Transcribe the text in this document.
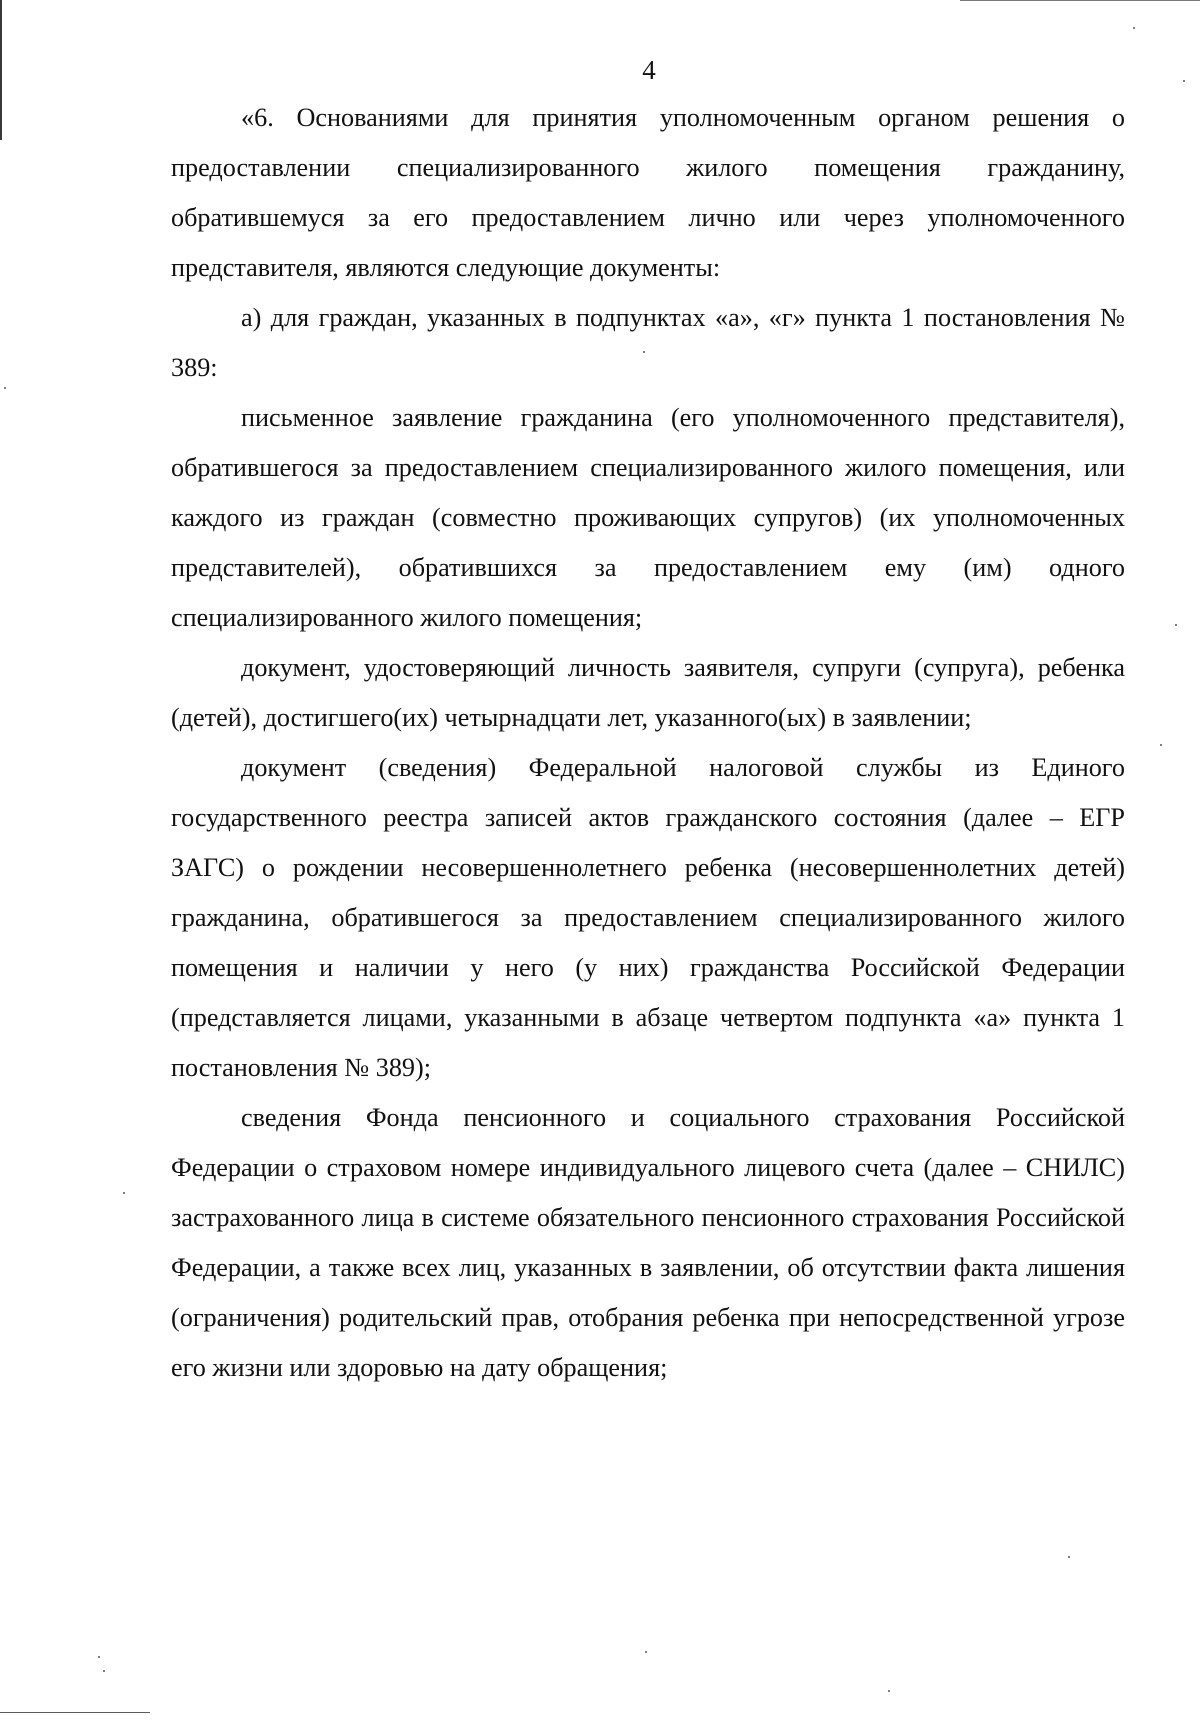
4

«6. Основаниями для принятия уполномоченным органом решения о предоставлении специализированного жилого помещения гражданину, обратившемуся за его предоставлением лично или через уполномоченного представителя, являются следующие документы:

а) для граждан, указанных в подпунктах «а», «г» пункта 1 постановления № 389:

письменное заявление гражданина (его уполномоченного представителя), обратившегося за предоставлением специализированного жилого помещения, или каждого из граждан (совместно проживающих супругов) (их уполномоченных представителей), обратившихся за предоставлением ему (им) одного специализированного жилого помещения;

документ, удостоверяющий личность заявителя, супруги (супруга), ребенка (детей), достигшего(их) четырнадцати лет, указанного(ых) в заявлении;

документ (сведения) Федеральной налоговой службы из Единого государственного реестра записей актов гражданского состояния (далее – ЕГР ЗАГС) о рождении несовершеннолетнего ребенка (несовершеннолетних детей) гражданина, обратившегося за предоставлением специализированного жилого помещения и наличии у него (у них) гражданства Российской Федерации (представляется лицами, указанными в абзаце четвертом подпункта «а» пункта 1 постановления № 389);

сведения Фонда пенсионного и социального страхования Российской Федерации о страховом номере индивидуального лицевого счета (далее – СНИЛС) застрахованного лица в системе обязательного пенсионного страхования Российской Федерации, а также всех лиц, указанных в заявлении, об отсутствии факта лишения (ограничения) родительский прав, отобрания ребенка при непосредственной угрозе его жизни или здоровью на дату обращения;
